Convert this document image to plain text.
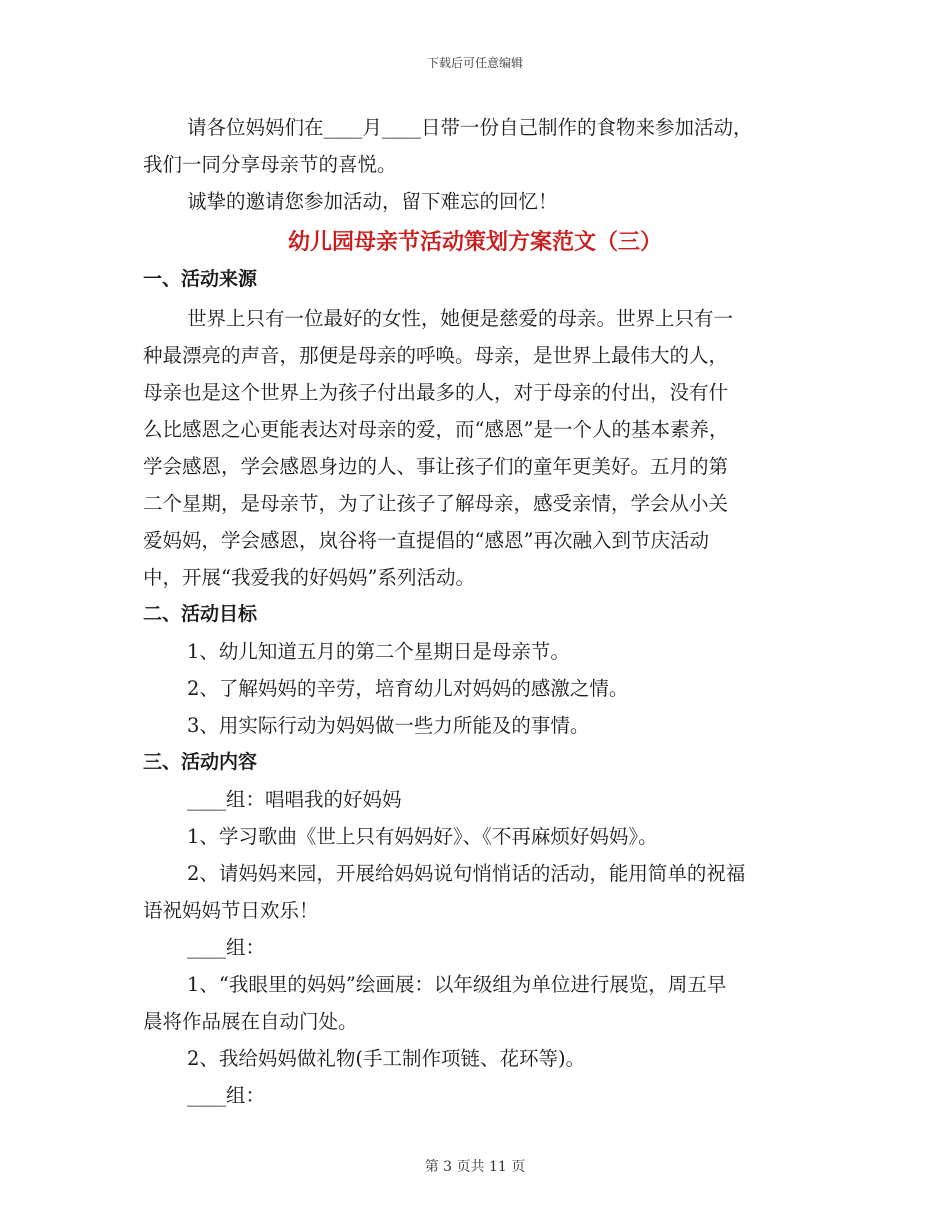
下载后可任意编辑
请各位妈妈们在____月____日带一份自己制作的食物来参加活动，
我们一同分享母亲节的喜悦。
诚挚的邀请您参加活动，留下难忘的回忆！
幼儿园母亲节活动策划方案范文（三）
一、活动来源
世界上只有一位最好的女性，她便是慈爱的母亲。世界上只有一
种最漂亮的声音，那便是母亲的呼唤。母亲，是世界上最伟大的人，
母亲也是这个世界上为孩子付出最多的人，对于母亲的付出，没有什
么比感恩之心更能表达对母亲的爱，而“感恩”是一个人的基本素养，
学会感恩，学会感恩身边的人、事让孩子们的童年更美好。五月的第
二个星期，是母亲节，为了让孩子了解母亲，感受亲情，学会从小关
爱妈妈，学会感恩，岚谷将一直提倡的“感恩”再次融入到节庆活动
中，开展“我爱我的好妈妈”系列活动。
二、活动目标
1、幼儿知道五月的第二个星期日是母亲节。
2、了解妈妈的辛劳，培育幼儿对妈妈的感激之情。
3、用实际行动为妈妈做一些力所能及的事情。
三、活动内容
____组：唱唱我的好妈妈
1、学习歌曲《世上只有妈妈好》、《不再麻烦好妈妈》。
2、请妈妈来园，开展给妈妈说句悄悄话的活动，能用简单的祝福
语祝妈妈节日欢乐！
____组：
1、“我眼里的妈妈”绘画展：以年级组为单位进行展览，周五早
晨将作品展在自动门处。
2、我给妈妈做礼物(手工制作项链、花环等)。
____组：
第 3 页共 11 页
